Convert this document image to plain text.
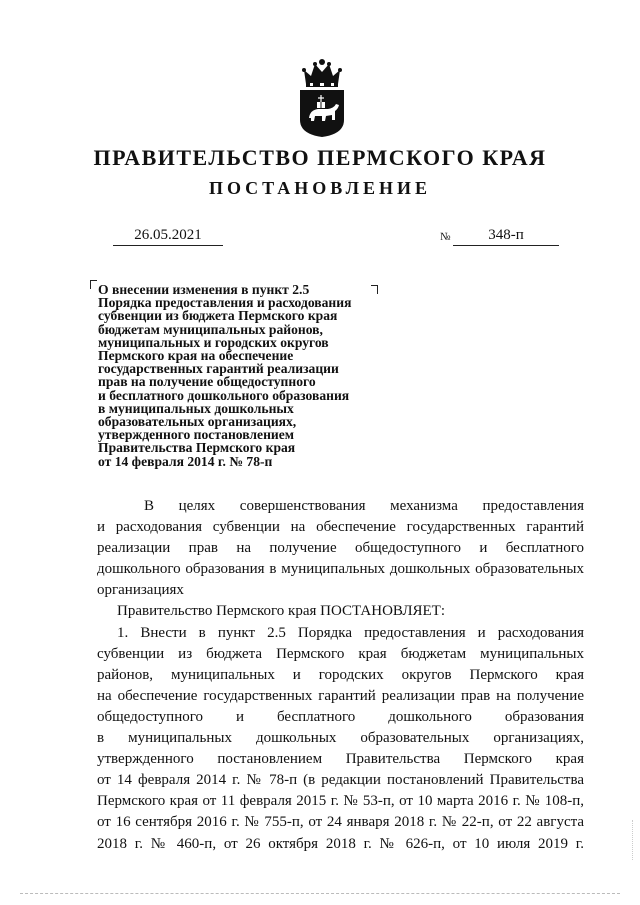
ПРАВИТЕЛЬСТВО ПЕРМСКОГО КРАЯ
ПОСТАНОВЛЕНИЕ
26.05.2021	№	348-п
О внесении изменения в пункт 2.5
Порядка предоставления и расходования
субвенции из бюджета Пермского края
бюджетам муниципальных районов,
муниципальных и городских округов
Пермского края на обеспечение
государственных гарантий реализации
прав на получение общедоступного
и бесплатного дошкольного образования
в муниципальных дошкольных
образовательных организациях,
утвержденного постановлением
Правительства Пермского края
от 14 февраля 2014 г. № 78-п
В целях совершенствования механизма предоставления
и расходования субвенции на обеспечение государственных гарантий
реализации прав на получение общедоступного и бесплатного
дошкольного образования в муниципальных дошкольных образовательных
организациях
Правительство Пермского края ПОСТАНОВЛЯЕТ:
1. Внести в пункт 2.5 Порядка предоставления и расходования
субвенции из бюджета Пермского края бюджетам муниципальных
районов, муниципальных и городских округов Пермского края
на обеспечение государственных гарантий реализации прав на получение
общедоступного и бесплатного дошкольного образования
в муниципальных дошкольных образовательных организациях,
утвержденного постановлением Правительства Пермского края
от 14 февраля 2014 г. № 78-п (в редакции постановлений Правительства
Пермского края от 11 февраля 2015 г. № 53-п, от 10 марта 2016 г. № 108-п,
от 16 сентября 2016 г. № 755-п, от 24 января 2018 г. № 22-п, от 22 августа
2018 г. № 460-п, от 26 октября 2018 г. № 626-п, от 10 июля 2019 г.
